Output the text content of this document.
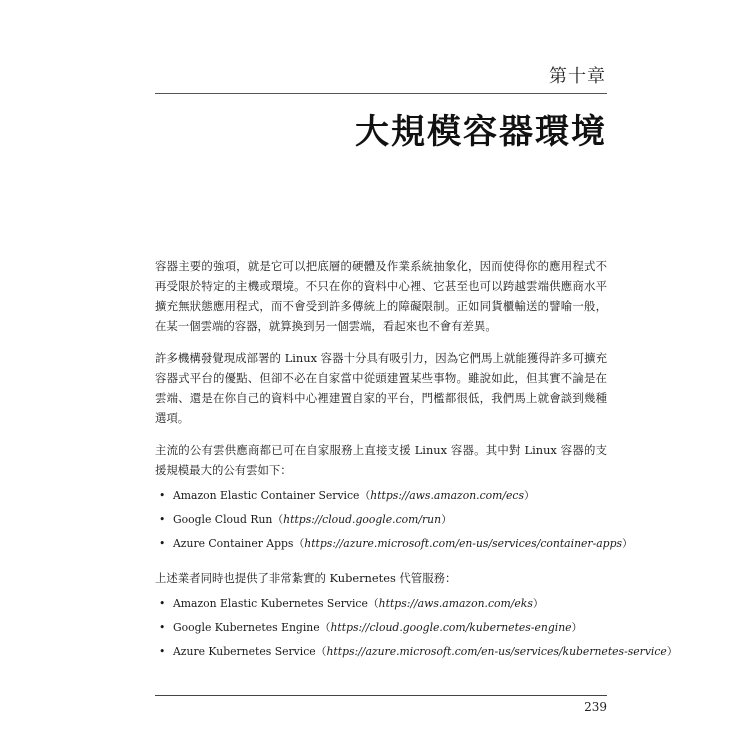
第十章
大規模容器環境

容器主要的強項，就是它可以把底層的硬體及作業系統抽象化，因而使得你的應用程式不再受限於特定的主機或環境。不只在你的資料中心裡、它甚至也可以跨越雲端供應商水平擴充無狀態應用程式，而不會受到許多傳統上的障礙限制。正如同貨櫃輸送的譬喻一般，在某一個雲端的容器，就算換到另一個雲端，看起來也不會有差異。

許多機構發覺現成部署的 Linux 容器十分具有吸引力，因為它們馬上就能獲得許多可擴充容器式平台的優點、但卻不必在自家當中從頭建置某些事物。雖說如此，但其實不論是在雲端、還是在你自己的資料中心裡建置自家的平台，門檻都很低，我們馬上就會談到幾種選項。

主流的公有雲供應商都已可在自家服務上直接支援 Linux 容器。其中對 Linux 容器的支援規模最大的公有雲如下：

• Amazon Elastic Container Service（https://aws.amazon.com/ecs）
• Google Cloud Run（https://cloud.google.com/run）
• Azure Container Apps（https://azure.microsoft.com/en-us/services/container-apps）

上述業者同時也提供了非常紮實的 Kubernetes 代管服務：

• Amazon Elastic Kubernetes Service（https://aws.amazon.com/eks）
• Google Kubernetes Engine（https://cloud.google.com/kubernetes-engine）
• Azure Kubernetes Service（https://azure.microsoft.com/en-us/services/kubernetes-service）
239
